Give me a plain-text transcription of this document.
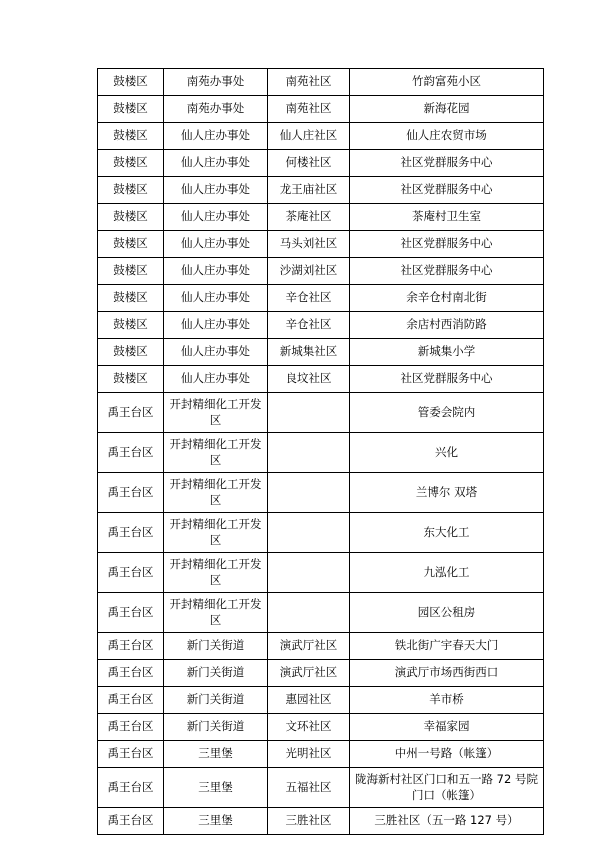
鼓楼区	南苑办事处	南苑社区	竹韵富苑小区
鼓楼区	南苑办事处	南苑社区	新海花园
鼓楼区	仙人庄办事处	仙人庄社区	仙人庄农贸市场
鼓楼区	仙人庄办事处	何楼社区	社区党群服务中心
鼓楼区	仙人庄办事处	龙王庙社区	社区党群服务中心
鼓楼区	仙人庄办事处	茶庵社区	茶庵村卫生室
鼓楼区	仙人庄办事处	马头刘社区	社区党群服务中心
鼓楼区	仙人庄办事处	沙湖刘社区	社区党群服务中心
鼓楼区	仙人庄办事处	辛仓社区	余辛仓村南北街
鼓楼区	仙人庄办事处	辛仓社区	余店村西消防路
鼓楼区	仙人庄办事处	新城集社区	新城集小学
鼓楼区	仙人庄办事处	良坟社区	社区党群服务中心
禹王台区	开封精细化工开发区		管委会院内
禹王台区	开封精细化工开发区		兴化
禹王台区	开封精细化工开发区		兰博尔 双塔
禹王台区	开封精细化工开发区		东大化工
禹王台区	开封精细化工开发区		九泓化工
禹王台区	开封精细化工开发区		园区公租房
禹王台区	新门关街道	演武厅社区	铁北街广宇春天大门
禹王台区	新门关街道	演武厅社区	演武厅市场西街西口
禹王台区	新门关街道	惠园社区	羊市桥
禹王台区	新门关街道	文环社区	幸福家园
禹王台区	三里堡	光明社区	中州一号路（帐篷）
禹王台区	三里堡	五福社区	陇海新村社区门口和五一路 72 号院门口（帐篷）
禹王台区	三里堡	三胜社区	三胜社区（五一路 127 号）
